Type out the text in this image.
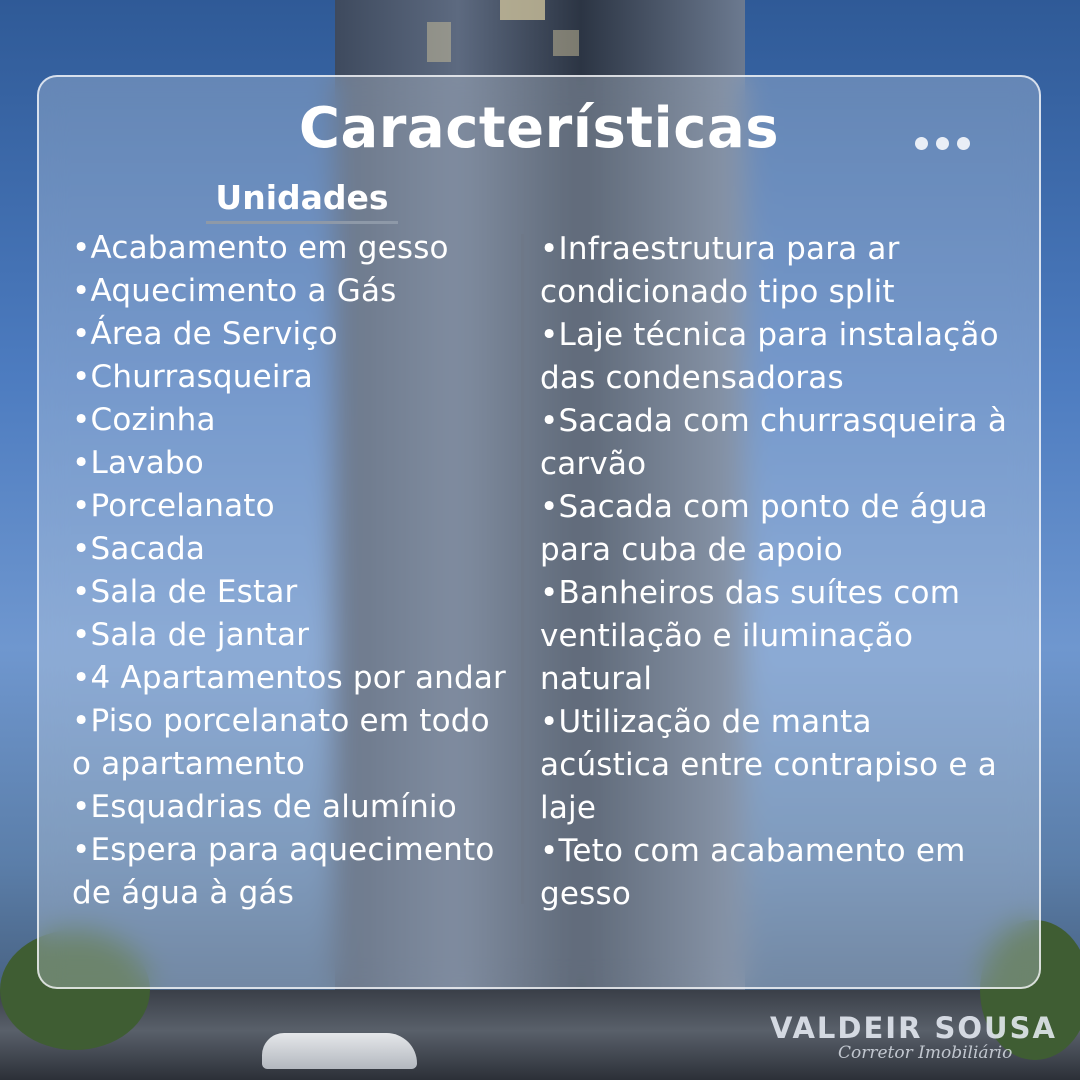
Características
Unidades
• Acabamento em gesso
• Aquecimento a Gás
• Área de Serviço
• Churrasqueira
• Cozinha
• Lavabo
• Porcelanato
• Sacada
• Sala de Estar
• Sala de jantar
• 4 Apartamentos por andar
• Piso porcelanato em todo o apartamento
• Esquadrias de alumínio
• Espera para aquecimento de água à gás
• Infraestrutura para ar condicionado tipo split
• Laje técnica para instalação das condensadoras
• Sacada com churrasqueira à carvão
• Sacada com ponto de água para cuba de apoio
• Banheiros das suítes com ventilação e iluminação natural
• Utilização de manta acústica entre contrapiso e a laje
• Teto com acabamento em gesso
VALDEIR SOUSA
Corretor Imobiliário
